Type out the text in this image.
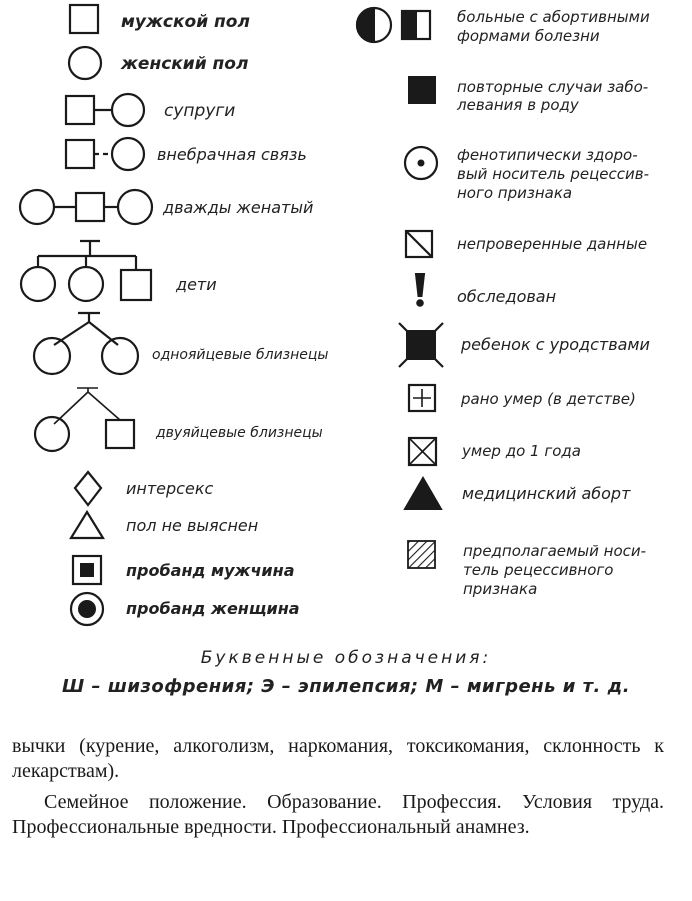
мужской пол
женский пол
супруги
внебрачная связь
дважды женатый
дети
однояйцевые близнецы
двуяйцевые близнецы
интерсекс
пол не выяснен
пробанд мужчина
пробанд женщина
больные с абортивными формами болезни
повторные случаи забо- левания в роду
фенотипически здоро- вый носитель рецессив- ного признака
непроверенные данные
обследован
ребенок с уродствами
рано умер (в детстве)
умер до 1 года
медицинский аборт
предполагаемый носи- тель рецессивного признака
Буквенные обозначения:
Ш – шизофрения; Э – эпилепсия; М – мигрень и т. д.
вычки (курение, алкоголизм, наркомания, токсикомания, склонность к лекарствам).
Семейное положение. Образование. Профессия. Условия труда. Профессиональные вредности. Профессиональный анамнез.
